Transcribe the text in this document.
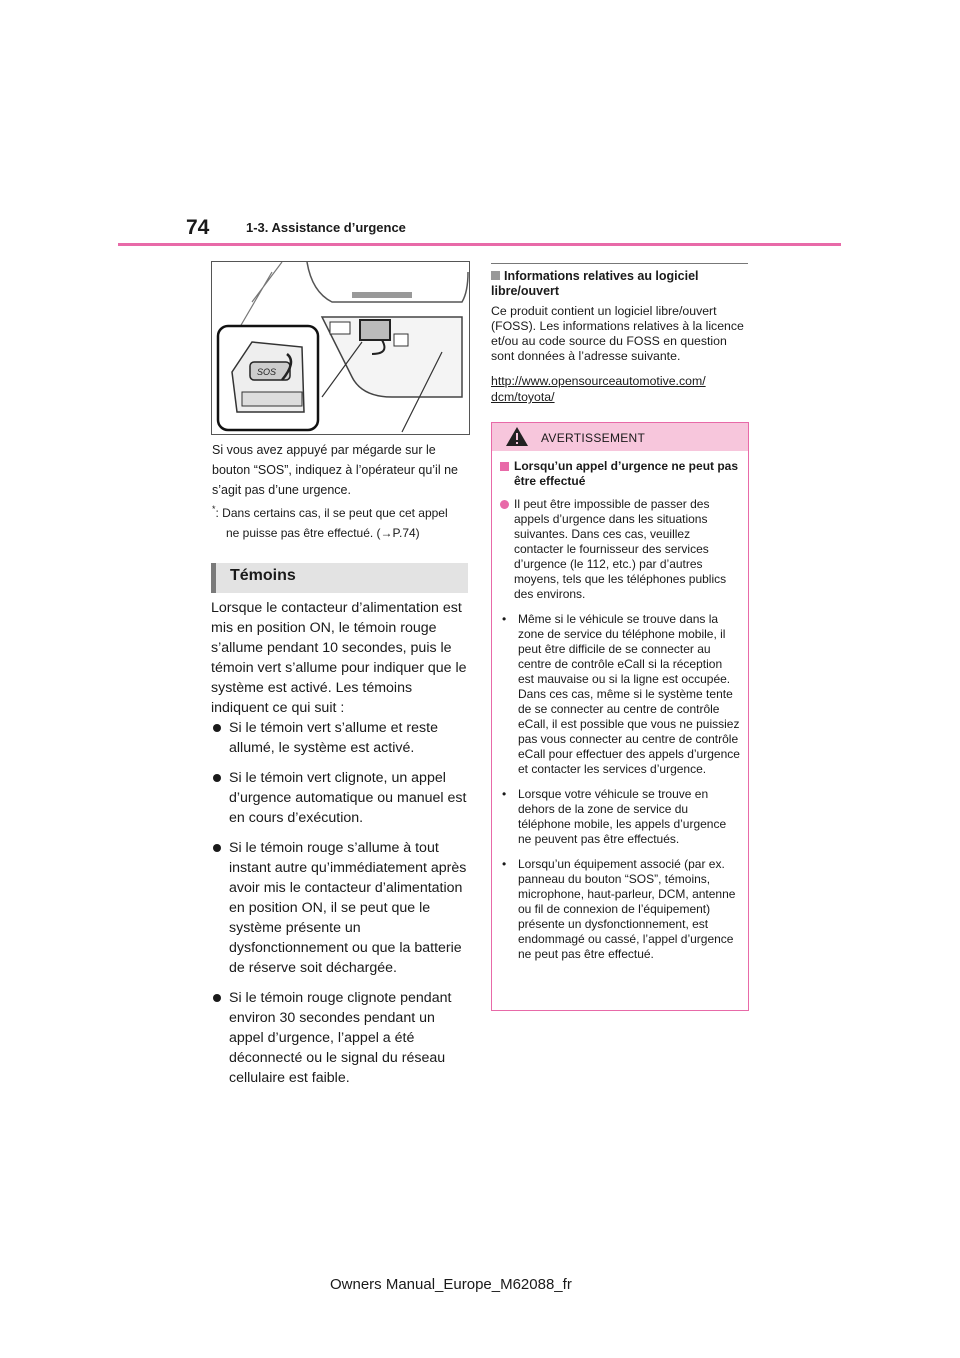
74	1-3. Assistance d’urgence
SOS
Si vous avez appuyé par mégarde sur le bouton “SOS”, indiquez à l’opérateur qu’il ne s’agit pas d’une urgence.
*: Dans certains cas, il se peut que cet appel
ne puisse pas être effectué. (→P.74)
Témoins
Lorsque le contacteur d’alimentation est mis en position ON, le témoin rouge s’allume pendant 10 secondes, puis le témoin vert s’allume pour indiquer que le système est activé. Les témoins indiquent ce qui suit :
Si le témoin vert s’allume et reste allumé, le système est activé.
Si le témoin vert clignote, un appel d’urgence automatique ou manuel est en cours d’exécution.
Si le témoin rouge s’allume à tout instant autre qu’immédiatement après avoir mis le contacteur d’alimentation en position ON, il se peut que le système présente un dysfonctionnement ou que la batterie de réserve soit déchargée.
Si le témoin rouge clignote pendant environ 30 secondes pendant un appel d’urgence, l’appel a été déconnecté ou le signal du réseau cellulaire est faible.
Informations relatives au logiciel libre/ouvert
Ce produit contient un logiciel libre/ouvert (FOSS). Les informations relatives à la licence et/ou au code source du FOSS en question sont données à l’adresse suivante.
http://www.opensourceautomotive.com/
dcm/toyota/
AVERTISSEMENT
Lorsqu’un appel d’urgence ne peut pas être effectué
Il peut être impossible de passer des appels d’urgence dans les situations suivantes. Dans ces cas, veuillez contacter le fournisseur des services d’urgence (le 112, etc.) par d’autres moyens, tels que les téléphones publics des environs.
• Même si le véhicule se trouve dans la zone de service du téléphone mobile, il peut être difficile de se connecter au centre de contrôle eCall si la réception est mauvaise ou si la ligne est occupée. Dans ces cas, même si le système tente de se connecter au centre de contrôle eCall, il est possible que vous ne puissiez pas vous connecter au centre de contrôle eCall pour effectuer des appels d’urgence et contacter les services d’urgence.
• Lorsque votre véhicule se trouve en dehors de la zone de service du téléphone mobile, les appels d’urgence ne peuvent pas être effectués.
• Lorsqu’un équipement associé (par ex. panneau du bouton “SOS”, témoins, microphone, haut-parleur, DCM, antenne ou fil de connexion de l’équipement) présente un dysfonctionnement, est endommagé ou cassé, l’appel d’urgence ne peut pas être effectué.
Owners Manual_Europe_M62088_fr
